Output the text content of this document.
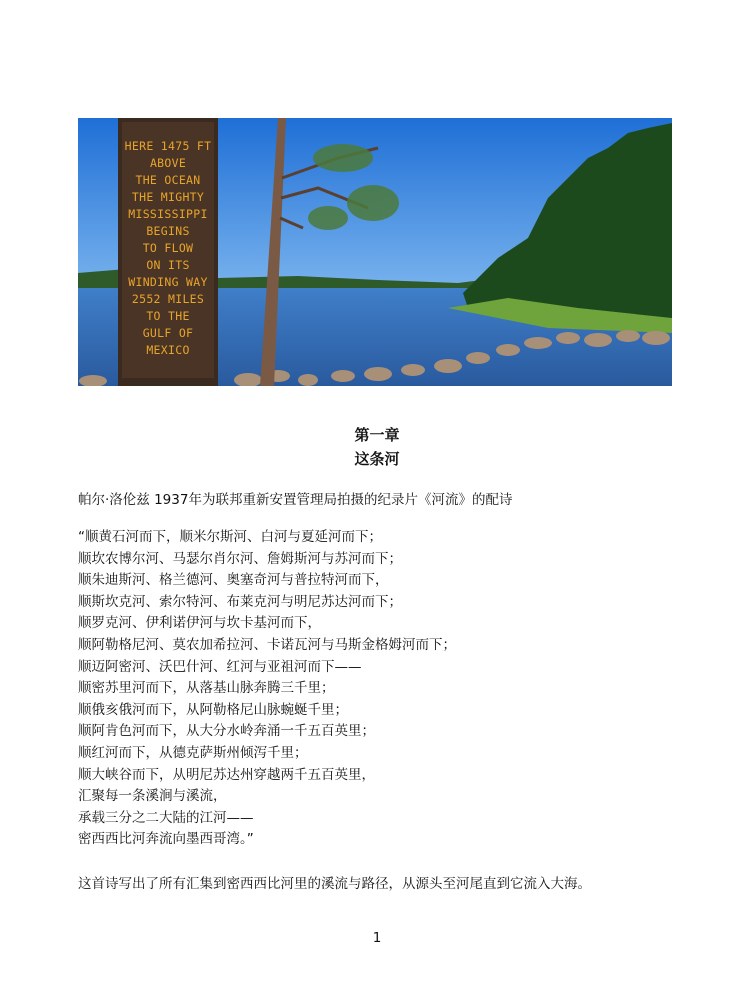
HERE 1475 FT
ABOVE
THE OCEAN
THE MIGHTY
MISSISSIPPI
BEGINS
TO FLOW
ON ITS
WINDING WAY
2552 MILES
TO THE
GULF OF
MEXICO
第一章
这条河
帕尔·洛伦兹 1937年为联邦重新安置管理局拍摄的纪录片《河流》的配诗
“顺黄石河而下，顺米尔斯河、白河与夏延河而下；
顺坎农博尔河、马瑟尔肖尔河、詹姆斯河与苏河而下；
顺朱迪斯河、格兰德河、奥塞奇河与普拉特河而下，
顺斯坎克河、索尔特河、布莱克河与明尼苏达河而下；
顺罗克河、伊利诺伊河与坎卡基河而下，
顺阿勒格尼河、莫农加希拉河、卡诺瓦河与马斯金格姆河而下；
顺迈阿密河、沃巴什河、红河与亚祖河而下——
顺密苏里河而下，从落基山脉奔腾三千里；
顺俄亥俄河而下，从阿勒格尼山脉蜿蜒千里；
顺阿肯色河而下，从大分水岭奔涌一千五百英里；
顺红河而下，从德克萨斯州倾泻千里；
顺大峡谷而下，从明尼苏达州穿越两千五百英里，
汇聚每一条溪涧与溪流，
承载三分之二大陆的江河——
密西西比河奔流向墨西哥湾。”
这首诗写出了所有汇集到密西西比河里的溪流与路径，从源头至河尾直到它流入大海。
1
